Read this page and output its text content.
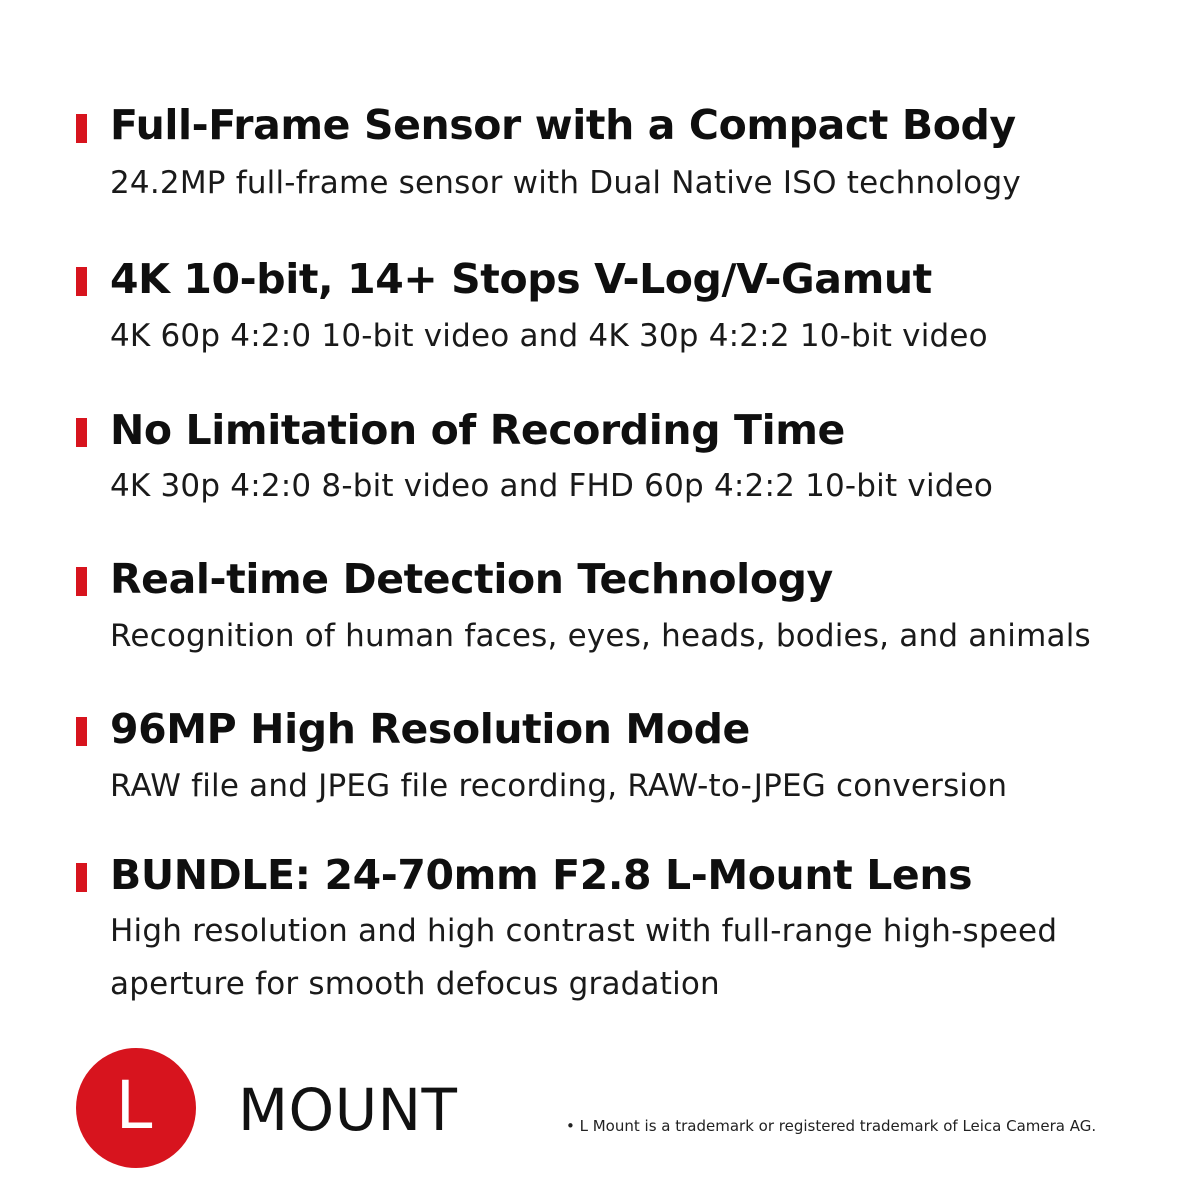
Full-Frame Sensor with a Compact Body
24.2MP full-frame sensor with Dual Native ISO technology
4K 10-bit, 14+ Stops V-Log/V-Gamut
4K 60p 4:2:0 10-bit video and 4K 30p 4:2:2 10-bit video
No Limitation of Recording Time
4K 30p 4:2:0 8-bit video and FHD 60p 4:2:2 10-bit video
Real-time Detection Technology
Recognition of human faces, eyes, heads, bodies, and animals
96MP High Resolution Mode
RAW file and JPEG file recording, RAW-to-JPEG conversion
BUNDLE: 24-70mm F2.8 L-Mount Lens
High resolution and high contrast with full-range high-speed aperture for smooth defocus gradation
L MOUNT	• L Mount is a trademark or registered trademark of Leica Camera AG.
